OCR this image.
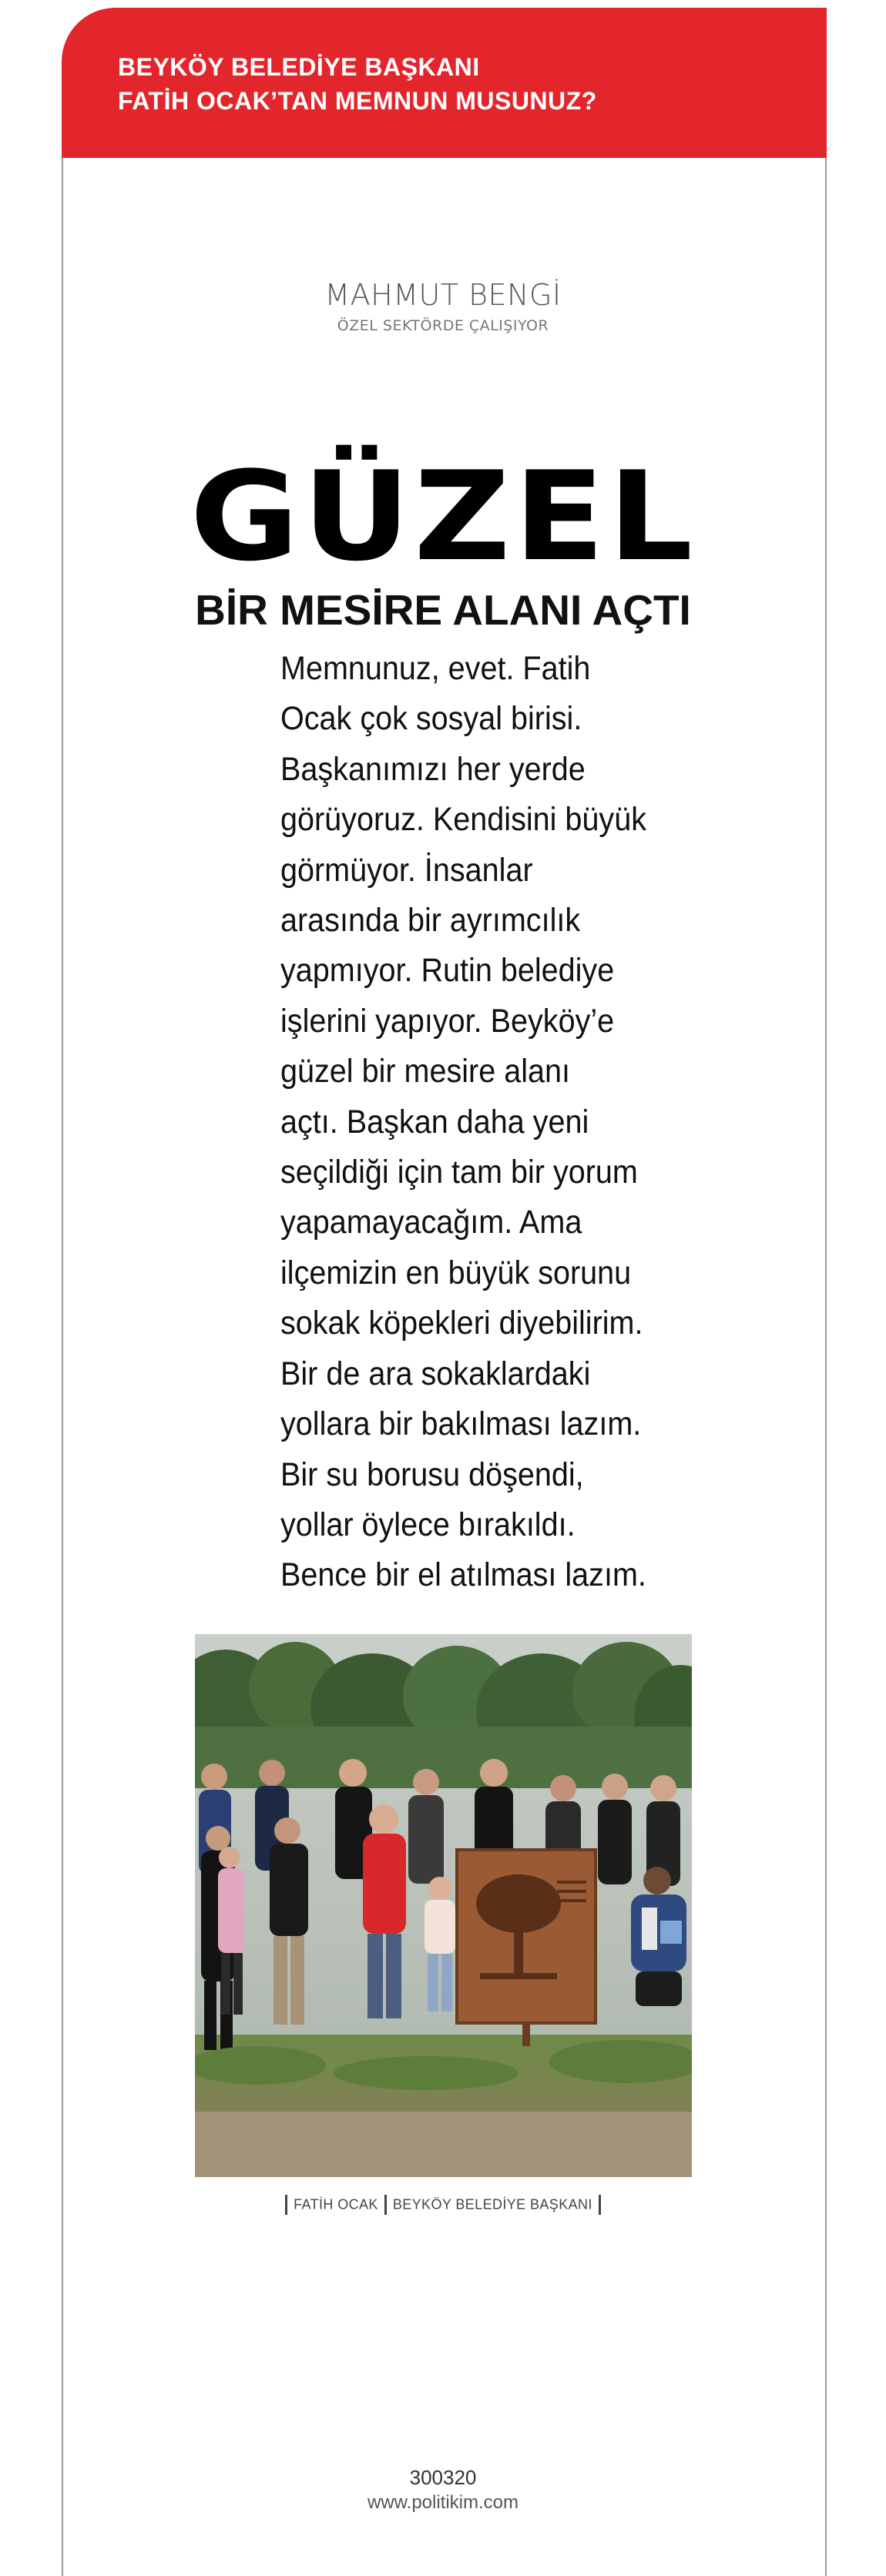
BEYKÖY BELEDİYE BAŞKANI
FATİH OCAK’TAN MEMNUN MUSUNUZ?
MAHMUT BENGİ
ÖZEL SEKTÖRDE ÇALIŞIYOR
GÜZEL
BİR MESİRE ALANI AÇTI
Memnunuz, evet. Fatih
Ocak çok sosyal birisi.
Başkanımızı her yerde
görüyoruz. Kendisini büyük
görmüyor. İnsanlar
arasında bir ayrımcılık
yapmıyor. Rutin belediye
işlerini yapıyor. Beyköy’e
güzel bir mesire alanı
açtı. Başkan daha yeni
seçildiği için tam bir yorum
yapamayacağım. Ama
ilçemizin en büyük sorunu
sokak köpekleri diyebilirim.
Bir de ara sokaklardaki
yollara bir bakılması lazım.
Bir su borusu döşendi,
yollar öylece bırakıldı.
Bence bir el atılması lazım.
FATİH OCAK BEYKÖY BELEDİYE BAŞKANI
300320
www.politikim.com
